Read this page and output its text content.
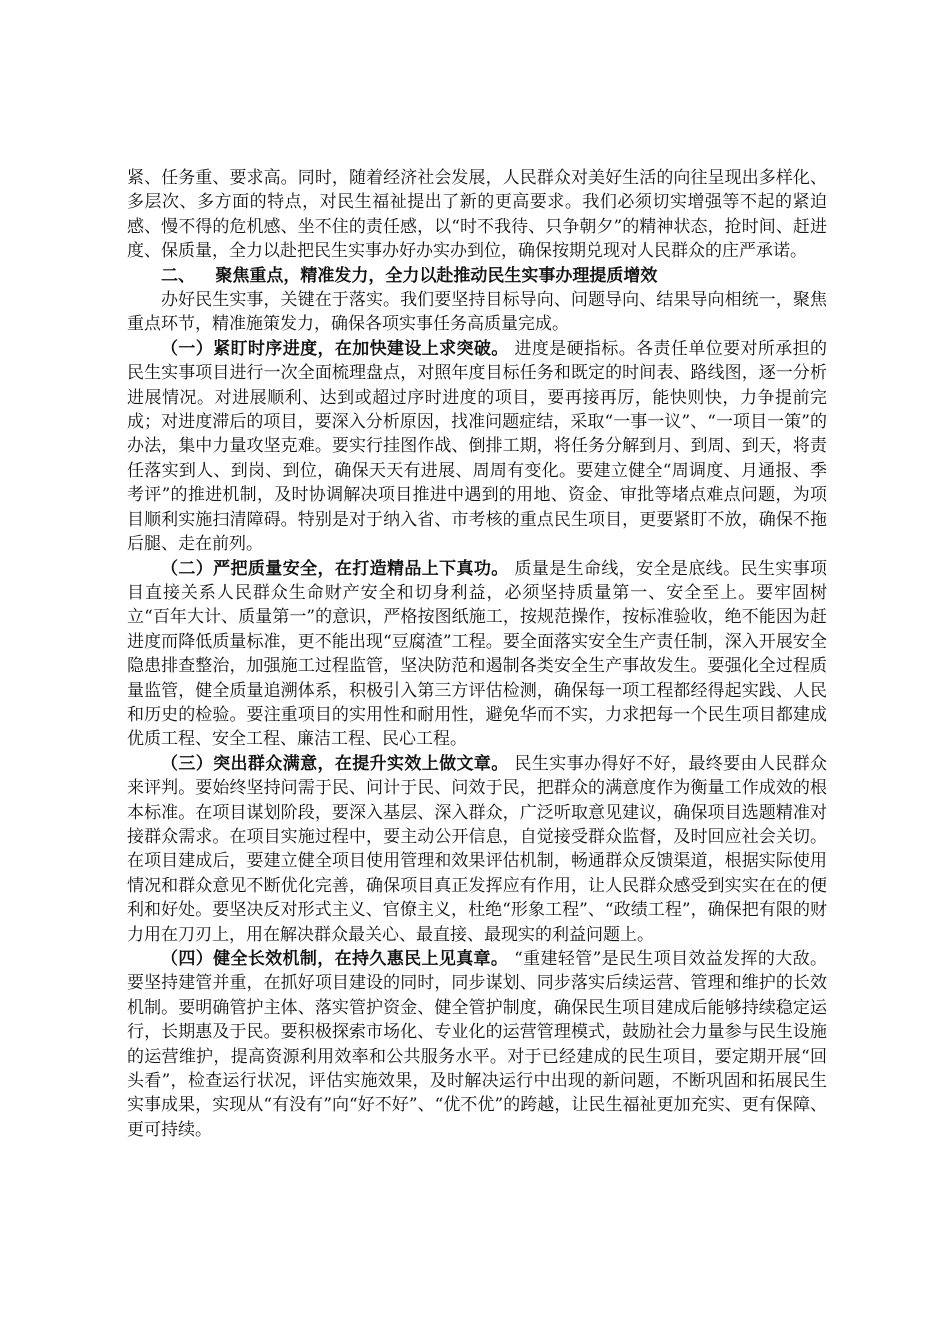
紧、任务重、要求高。同时，随着经济社会发展，人民群众对美好生活的向往呈现出多样化、多层次、多方面的特点，对民生福祉提出了新的更高要求。我们必须切实增强等不起的紧迫感、慢不得的危机感、坐不住的责任感，以“时不我待、只争朝夕”的精神状态，抢时间、赶进度、保质量，全力以赴把民生实事办好办实办到位，确保按期兑现对人民群众的庄严承诺。

二、 聚焦重点，精准发力，全力以赴推动民生实事办理提质增效

办好民生实事，关键在于落实。我们要坚持目标导向、问题导向、结果导向相统一，聚焦重点环节，精准施策发力，确保各项实事任务高质量完成。

（一）紧盯时序进度，在加快建设上求突破。 进度是硬指标。各责任单位要对所承担的民生实事项目进行一次全面梳理盘点，对照年度目标任务和既定的时间表、路线图，逐一分析进展情况。对进展顺利、达到或超过序时进度的项目，要再接再厉，能快则快，力争提前完成；对进度滞后的项目，要深入分析原因，找准问题症结，采取“一事一议”、“一项目一策”的办法，集中力量攻坚克难。要实行挂图作战、倒排工期，将任务分解到月、到周、到天，将责任落实到人、到岗、到位，确保天天有进展、周周有变化。要建立健全“周调度、月通报、季考评”的推进机制，及时协调解决项目推进中遇到的用地、资金、审批等堵点难点问题，为项目顺利实施扫清障碍。特别是对于纳入省、市考核的重点民生项目，更要紧盯不放，确保不拖后腿、走在前列。

（二）严把质量安全，在打造精品上下真功。 质量是生命线，安全是底线。民生实事项目直接关系人民群众生命财产安全和切身利益，必须坚持质量第一、安全至上。要牢固树立“百年大计、质量第一”的意识，严格按图纸施工，按规范操作，按标准验收，绝不能因为赶进度而降低质量标准，更不能出现“豆腐渣”工程。要全面落实安全生产责任制，深入开展安全隐患排查整治，加强施工过程监管，坚决防范和遏制各类安全生产事故发生。要强化全过程质量监管，健全质量追溯体系，积极引入第三方评估检测，确保每一项工程都经得起实践、人民和历史的检验。要注重项目的实用性和耐用性，避免华而不实，力求把每一个民生项目都建成优质工程、安全工程、廉洁工程、民心工程。

（三）突出群众满意，在提升实效上做文章。 民生实事办得好不好，最终要由人民群众来评判。要始终坚持问需于民、问计于民、问效于民，把群众的满意度作为衡量工作成效的根本标准。在项目谋划阶段，要深入基层、深入群众，广泛听取意见建议，确保项目选题精准对接群众需求。在项目实施过程中，要主动公开信息，自觉接受群众监督，及时回应社会关切。在项目建成后，要建立健全项目使用管理和效果评估机制，畅通群众反馈渠道，根据实际使用情况和群众意见不断优化完善，确保项目真正发挥应有作用，让人民群众感受到实实在在的便利和好处。要坚决反对形式主义、官僚主义，杜绝“形象工程”、“政绩工程”，确保把有限的财力用在刀刃上，用在解决群众最关心、最直接、最现实的利益问题上。

（四）健全长效机制，在持久惠民上见真章。 “重建轻管”是民生项目效益发挥的大敌。要坚持建管并重，在抓好项目建设的同时，同步谋划、同步落实后续运营、管理和维护的长效机制。要明确管护主体、落实管护资金、健全管护制度，确保民生项目建成后能够持续稳定运行，长期惠及于民。要积极探索市场化、专业化的运营管理模式，鼓励社会力量参与民生设施的运营维护，提高资源利用效率和公共服务水平。对于已经建成的民生项目，要定期开展“回头看”，检查运行状况，评估实施效果，及时解决运行中出现的新问题，不断巩固和拓展民生实事成果，实现从“有没有”向“好不好”、“优不优”的跨越，让民生福祉更加充实、更有保障、更可持续。
